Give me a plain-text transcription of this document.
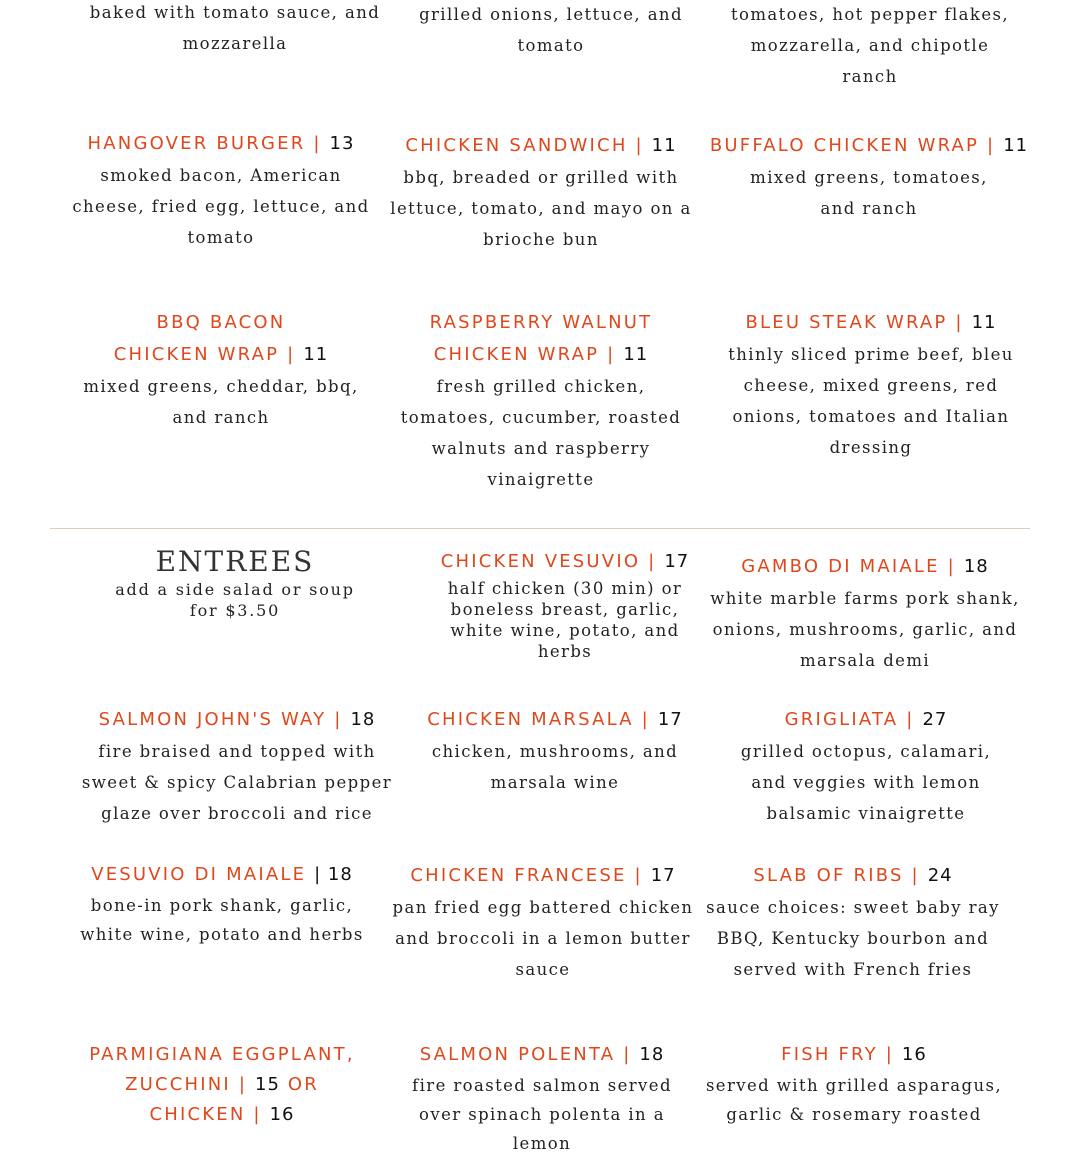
baked with tomato sauce, and mozzarella
grilled onions, lettuce, and tomato
tomatoes, hot pepper flakes, mozzarella, and chipotle ranch
HANGOVER BURGER | 13
smoked bacon, American cheese, fried egg, lettuce, and tomato
CHICKEN SANDWICH | 11
bbq, breaded or grilled with lettuce, tomato, and mayo on a brioche bun
BUFFALO CHICKEN WRAP | 11
mixed greens, tomatoes, and ranch
BBQ BACON CHICKEN WRAP | 11
mixed greens, cheddar, bbq, and ranch
RASPBERRY WALNUT CHICKEN WRAP | 11
fresh grilled chicken, tomatoes, cucumber, roasted walnuts and raspberry vinaigrette
BLEU STEAK WRAP | 11
thinly sliced prime beef, bleu cheese, mixed greens, red onions, tomatoes and Italian dressing
ENTREES
add a side salad or soup for $3.50
CHICKEN VESUVIO | 17
half chicken (30 min) or boneless breast, garlic, white wine, potato, and herbs
GAMBO DI MAIALE | 18
white marble farms pork shank, onions, mushrooms, garlic, and marsala demi
SALMON JOHN'S WAY | 18
fire braised and topped with sweet & spicy Calabrian pepper glaze over broccoli and rice
CHICKEN MARSALA | 17
chicken, mushrooms, and marsala wine
GRIGLIATA | 27
grilled octopus, calamari, and veggies with lemon balsamic vinaigrette
VESUVIO DI MAIALE | 18
bone-in pork shank, garlic, white wine, potato and herbs
CHICKEN FRANCESE | 17
pan fried egg battered chicken and broccoli in a lemon butter sauce
SLAB OF RIBS | 24
sauce choices: sweet baby ray BBQ, Kentucky bourbon and served with French fries
PARMIGIANA EGGPLANT, ZUCCHINI | 15 OR CHICKEN | 16
SALMON POLENTA | 18
fire roasted salmon served over spinach polenta in a lemon
FISH FRY | 16
served with grilled asparagus, garlic & rosemary roasted
